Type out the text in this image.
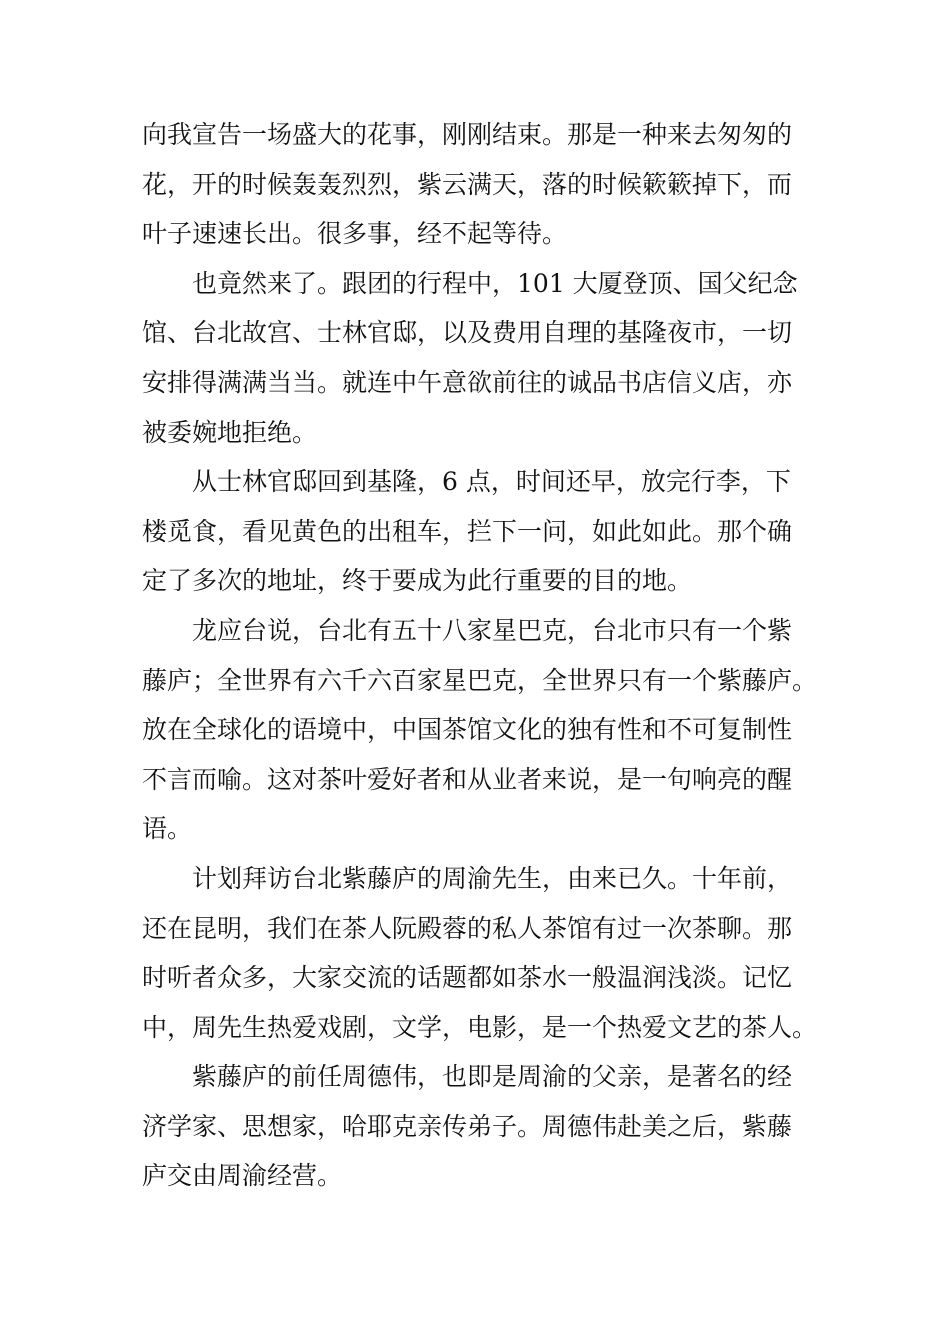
向我宣告一场盛大的花事，刚刚结束。那是一种来去匆匆的
花，开的时候轰轰烈烈，紫云满天，落的时候簌簌掉下，而
叶子速速长出。很多事，经不起等待。

也竟然来了。跟团的行程中，101 大厦登顶、国父纪念
馆、台北故宫、士林官邸，以及费用自理的基隆夜市，一切
安排得满满当当。就连中午意欲前往的诚品书店信义店，亦
被委婉地拒绝。

从士林官邸回到基隆，6 点，时间还早，放完行李，下
楼觅食，看见黄色的出租车，拦下一问，如此如此。那个确
定了多次的地址，终于要成为此行重要的目的地。

龙应台说，台北有五十八家星巴克，台北市只有一个紫
藤庐；全世界有六千六百家星巴克，全世界只有一个紫藤庐。
放在全球化的语境中，中国茶馆文化的独有性和不可复制性
不言而喻。这对茶叶爱好者和从业者来说，是一句响亮的醒
语。

计划拜访台北紫藤庐的周渝先生，由来已久。十年前，
还在昆明，我们在茶人阮殿蓉的私人茶馆有过一次茶聊。那
时听者众多，大家交流的话题都如茶水一般温润浅淡。记忆
中，周先生热爱戏剧，文学，电影，是一个热爱文艺的茶人。

紫藤庐的前任周德伟，也即是周渝的父亲，是著名的经
济学家、思想家，哈耶克亲传弟子。周德伟赴美之后，紫藤
庐交由周渝经营。
